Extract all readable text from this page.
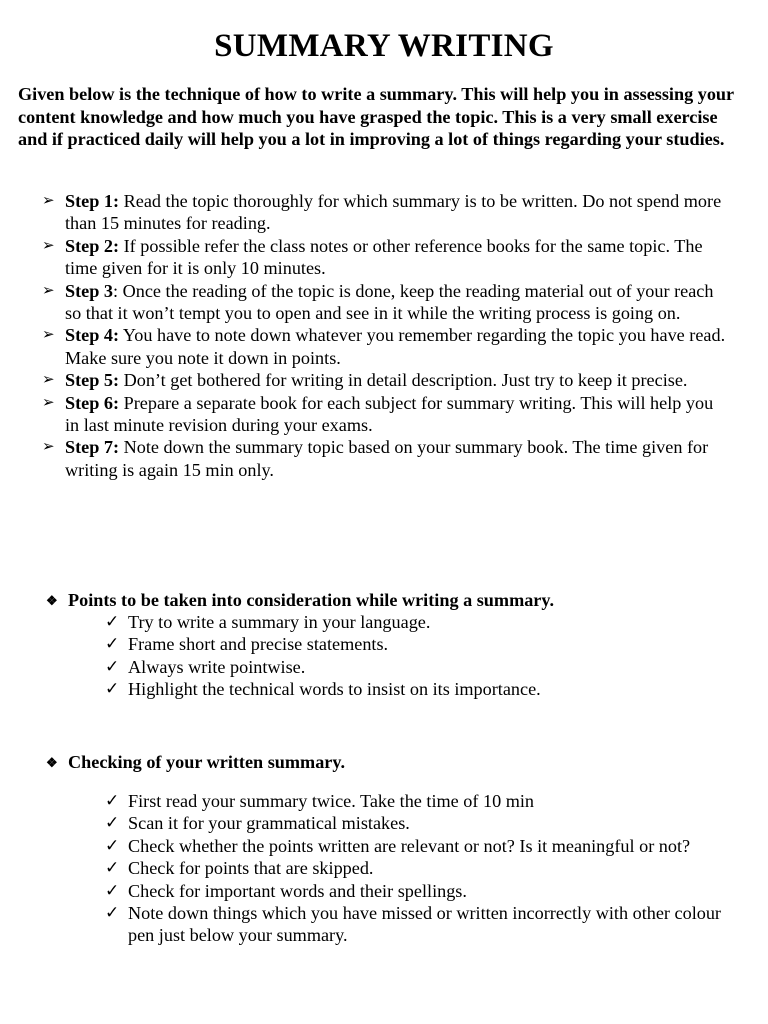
SUMMARY WRITING
Given below is the technique of how to write a summary. This will help you in assessing your content knowledge and how much you have grasped the topic. This is a very small exercise and if practiced daily will help you a lot in improving a lot of things regarding your studies.
➢ Step 1: Read the topic thoroughly for which summary is to be written. Do not spend more than 15 minutes for reading.
➢ Step 2: If possible refer the class notes or other reference books for the same topic. The time given for it is only 10 minutes.
➢ Step 3: Once the reading of the topic is done, keep the reading material out of your reach so that it won’t tempt you to open and see in it while the writing process is going on.
➢ Step 4: You have to note down whatever you remember regarding the topic you have read. Make sure you note it down in points.
➢ Step 5: Don’t get bothered for writing in detail description. Just try to keep it precise.
➢ Step 6: Prepare a separate book for each subject for summary writing. This will help you in last minute revision during your exams.
➢ Step 7: Note down the summary topic based on your summary book. The time given for writing is again 15 min only.
❖ Points to be taken into consideration while writing a summary.
✓ Try to write a summary in your language.
✓ Frame short and precise statements.
✓ Always write pointwise.
✓ Highlight the technical words to insist on its importance.
❖ Checking of your written summary.
✓ First read your summary twice. Take the time of 10 min
✓ Scan it for your grammatical mistakes.
✓ Check whether the points written are relevant or not? Is it meaningful or not?
✓ Check for points that are skipped.
✓ Check for important words and their spellings.
✓ Note down things which you have missed or written incorrectly with other colour pen just below your summary.
